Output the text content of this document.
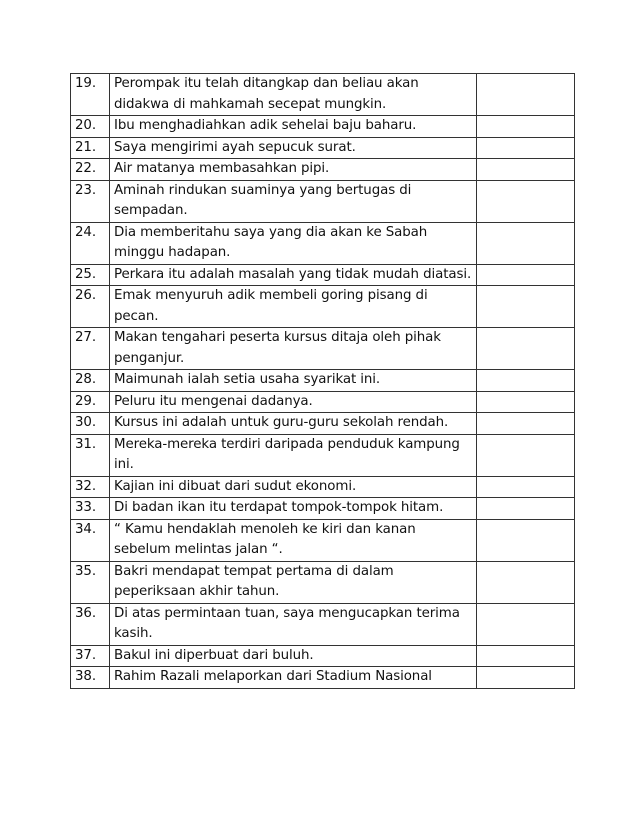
19.	Perompak itu telah ditangkap dan beliau akan didakwa di mahkamah secepat mungkin.	
20.	Ibu menghadiahkan adik sehelai baju baharu.	
21.	Saya mengirimi ayah sepucuk surat.	
22.	Air matanya membasahkan pipi.	
23.	Aminah rindukan suaminya yang bertugas di sempadan.	
24.	Dia memberitahu saya yang dia akan ke Sabah minggu hadapan.	
25.	Perkara itu adalah masalah yang tidak mudah diatasi.	
26.	Emak menyuruh adik membeli goring pisang di pecan.	
27.	Makan tengahari peserta kursus ditaja oleh pihak penganjur.	
28.	Maimunah ialah setia usaha syarikat ini.	
29.	Peluru itu mengenai dadanya.	
30.	Kursus ini adalah untuk guru-guru sekolah rendah.	
31.	Mereka-mereka terdiri daripada penduduk kampung ini.	
32.	Kajian ini dibuat dari sudut ekonomi.	
33.	Di badan ikan itu terdapat tompok-tompok hitam.	
34.	“ Kamu hendaklah menoleh ke kiri dan kanan sebelum melintas jalan “.	
35.	Bakri mendapat tempat pertama di dalam peperiksaan akhir tahun.	
36.	Di atas permintaan tuan, saya mengucapkan terima kasih.	
37.	Bakul ini diperbuat dari buluh.	
38.	Rahim Razali melaporkan dari Stadium Nasional	
